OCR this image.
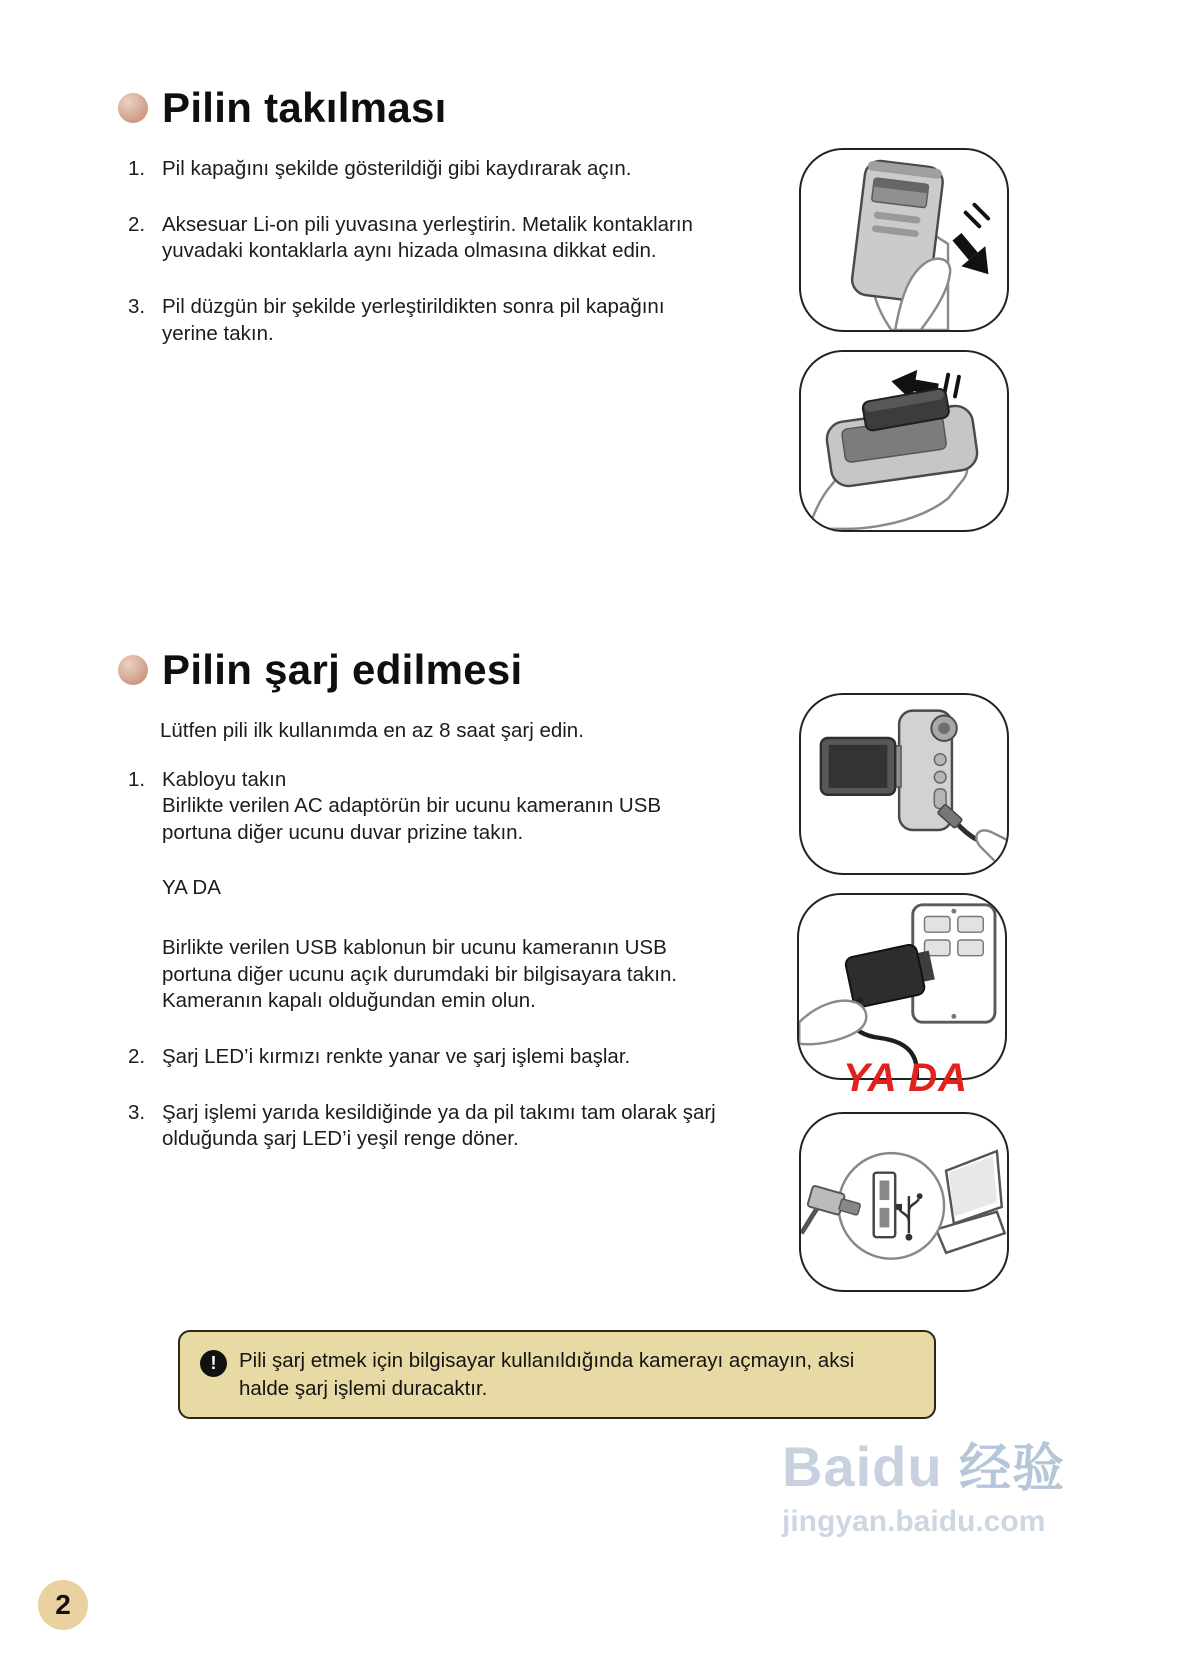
Pilin takılması
1. Pil kapağını şekilde gösterildiği gibi kaydırarak açın.
2. Aksesuar Li-on pili yuvasına yerleştirin. Metalik kontakların yuvadaki kontaklarla aynı hizada olmasına dikkat edin.
3. Pil düzgün bir şekilde yerleştirildikten sonra pil kapağını yerine takın.
Pilin şarj edilmesi
Lütfen pili ilk kullanımda en az 8 saat şarj edin.
1. Kabloyu takın
Birlikte verilen AC adaptörün bir ucunu kameranın USB portuna diğer ucunu duvar prizine takın.
YA DA
Birlikte verilen USB kablonun bir ucunu kameranın USB portuna diğer ucunu açık durumdaki bir bilgisayara takın. Kameranın kapalı olduğundan emin olun.
2. Şarj LED’i kırmızı renkte yanar ve şarj işlemi başlar.
3. Şarj işlemi yarıda kesildiğinde ya da pil takımı tam olarak şarj olduğunda şarj LED’i yeşil renge döner.
YA DA
! Pili şarj etmek için bilgisayar kullanıldığında kamerayı açmayın, aksi halde şarj işlemi duracaktır.
2
Baidu 经验
jingyan.baidu.com
